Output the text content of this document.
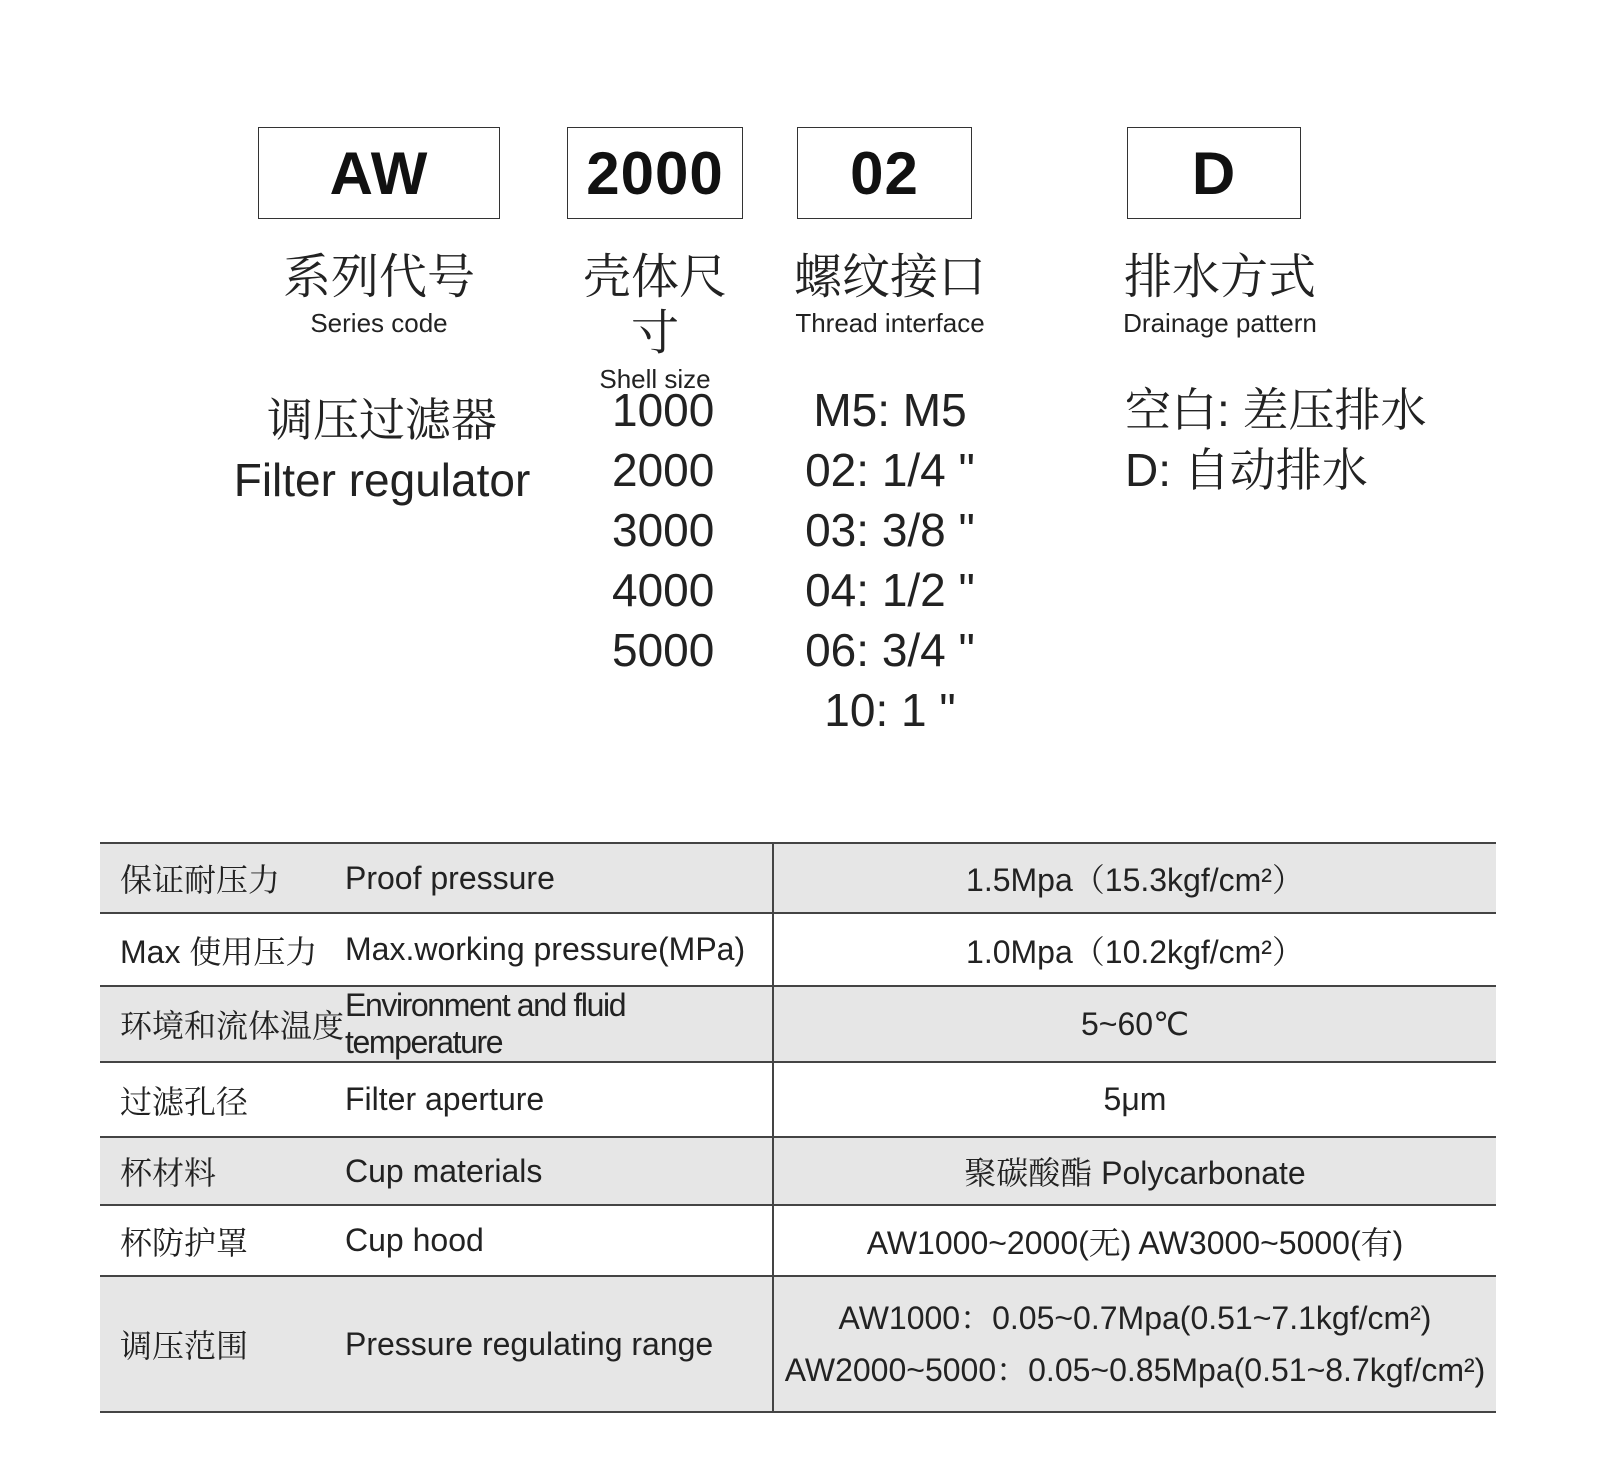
AW	2000	02	D
系列代号
Series code
壳体尺寸
Shell size
螺纹接口
Thread interface
排水方式
Drainage pattern
调压过滤器
Filter regulator
1000
2000
3000
4000
5000
M5: M5
02: 1/4 "
03: 3/8 "
04: 1/2 "
06: 3/4 "
10: 1 "
空白: 差压排水
D: 自动排水
保证耐压力	Proof pressure	1.5Mpa（15.3kgf/cm²）
Max 使用压力	Max.working pressure(MPa)	1.0Mpa（10.2kgf/cm²）
环境和流体温度	Environment and fluid temperature	5~60℃
过滤孔径	Filter aperture	5μm
杯材料	Cup materials	聚碳酸酯 Polycarbonate
杯防护罩	Cup hood	AW1000~2000(无) AW3000~5000(有)
调压范围	Pressure regulating range	AW1000：0.05~0.7Mpa(0.51~7.1kgf/cm²)
AW2000~5000：0.05~0.85Mpa(0.51~8.7kgf/cm²)
